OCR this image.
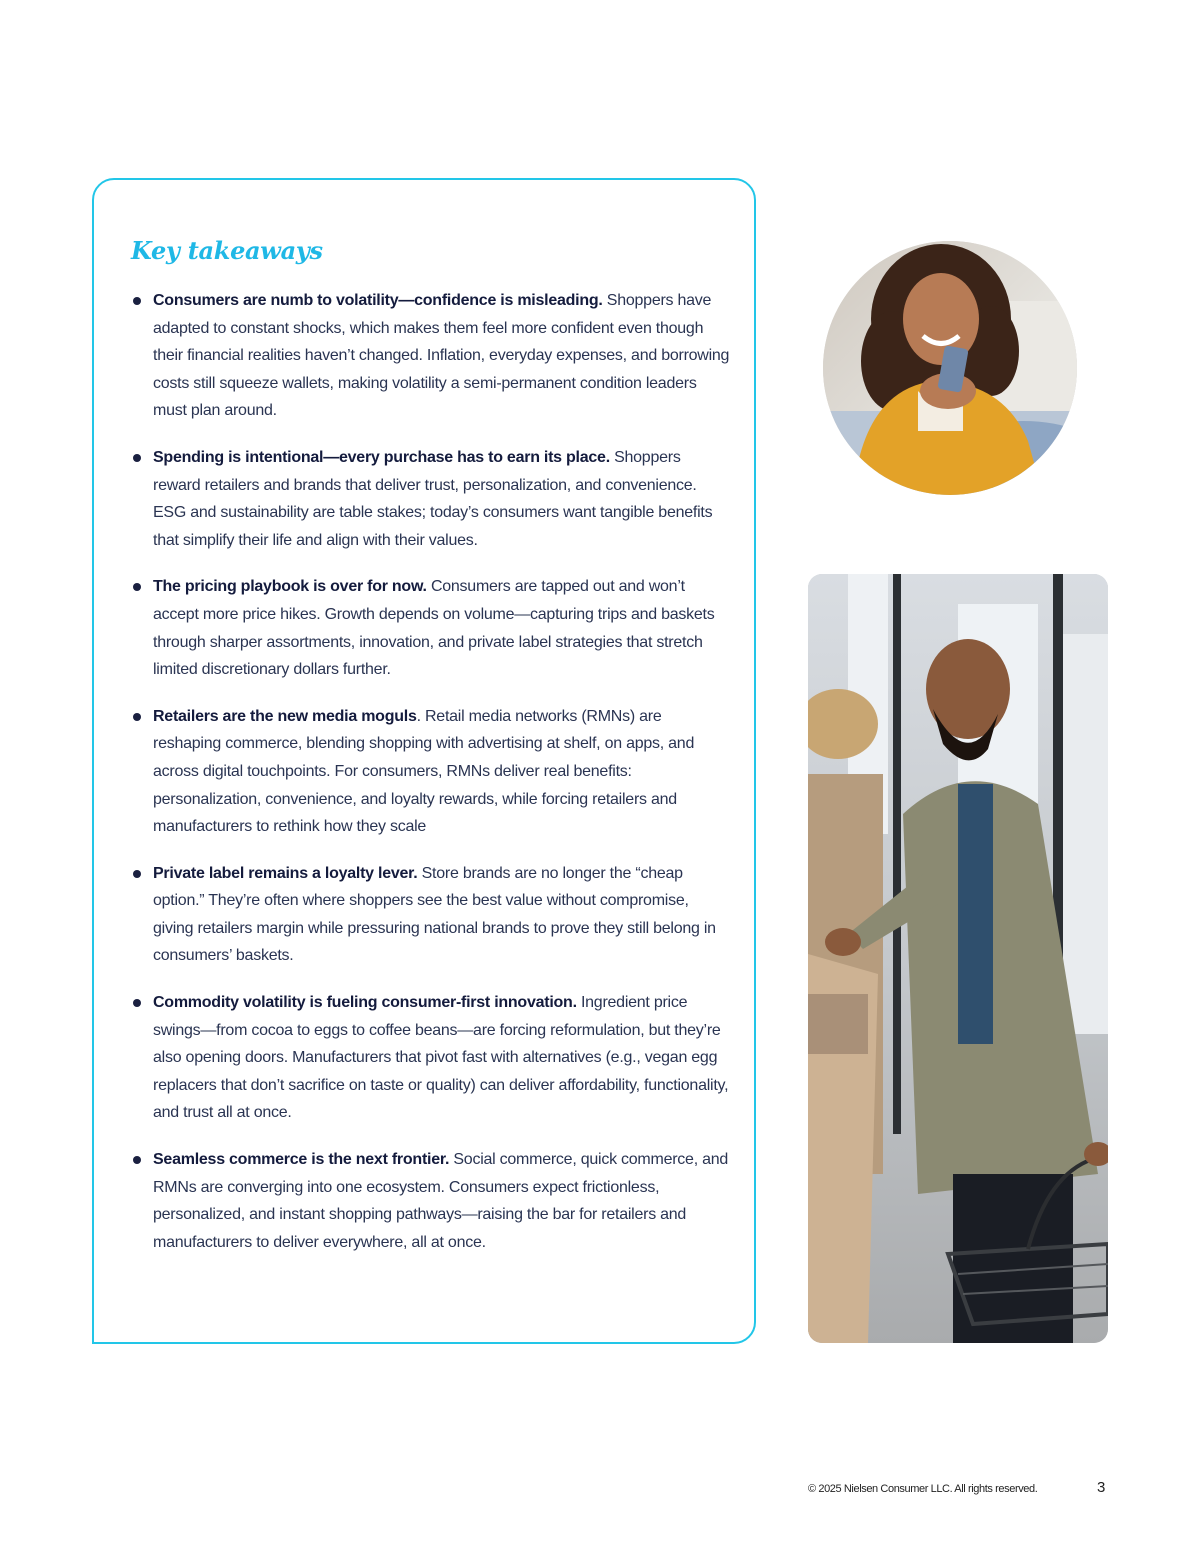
Key takeaways
Consumers are numb to volatility—confidence is misleading. Shoppers have adapted to constant shocks, which makes them feel more confident even though their financial realities haven’t changed. Inflation, everyday expenses, and borrowing costs still squeeze wallets, making volatility a semi-permanent condition leaders must plan around.
Spending is intentional—every purchase has to earn its place. Shoppers reward retailers and brands that deliver trust, personalization, and convenience. ESG and sustainability are table stakes; today’s consumers want tangible benefits that simplify their life and align with their values.
The pricing playbook is over for now. Consumers are tapped out and won’t accept more price hikes. Growth depends on volume—capturing trips and baskets through sharper assortments, innovation, and private label strategies that stretch limited discretionary dollars further.
Retailers are the new media moguls. Retail media networks (RMNs) are reshaping commerce, blending shopping with advertising at shelf, on apps, and across digital touchpoints. For consumers, RMNs deliver real benefits: personalization, convenience, and loyalty rewards, while forcing retailers and manufacturers to rethink how they scale
Private label remains a loyalty lever. Store brands are no longer the “cheap option.” They’re often where shoppers see the best value without compromise, giving retailers margin while pressuring national brands to prove they still belong in consumers’ baskets.
Commodity volatility is fueling consumer-first innovation. Ingredient price swings—from cocoa to eggs to coffee beans—are forcing reformulation, but they’re also opening doors. Manufacturers that pivot fast with alternatives (e.g., vegan egg replacers that don’t sacrifice on taste or quality) can deliver affordability, functionality, and trust all at once.
Seamless commerce is the next frontier. Social commerce, quick commerce, and RMNs are converging into one ecosystem. Consumers expect frictionless, personalized, and instant shopping pathways—raising the bar for retailers and manufacturers to deliver everywhere, all at once.
© 2025 Nielsen Consumer LLC. All rights reserved.	3
